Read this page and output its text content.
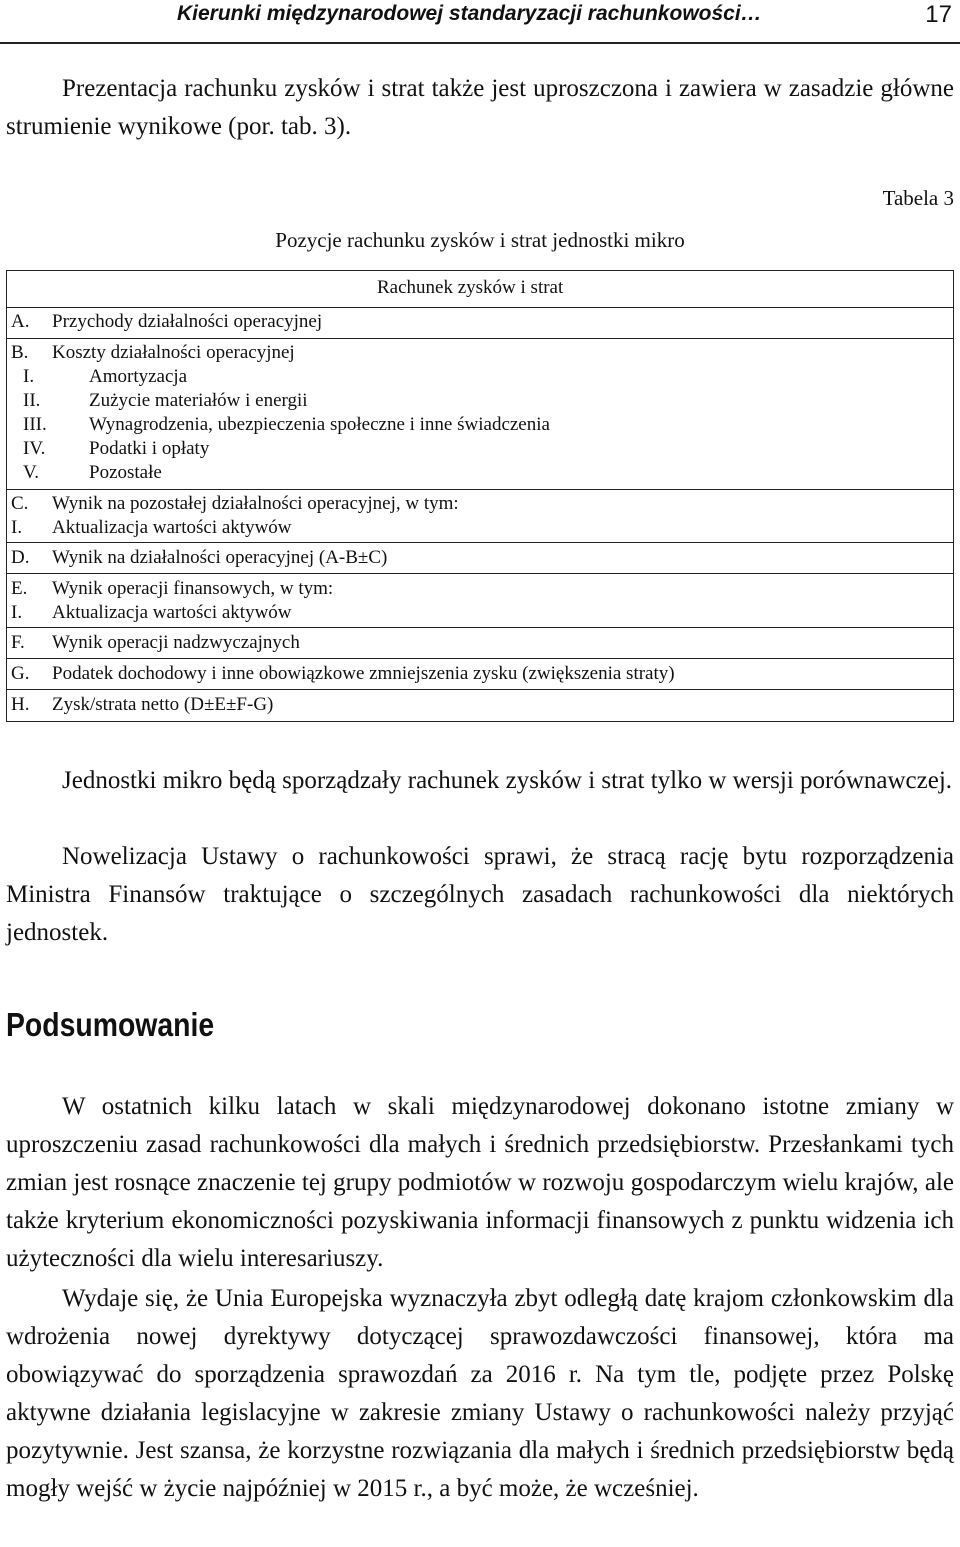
Kierunki międzynarodowej standaryzacji rachunkowości…	17

Prezentacja rachunku zysków i strat także jest uproszczona i zawiera w zasadzie główne strumienie wynikowe (por. tab. 3).

Tabela 3
Pozycje rachunku zysków i strat jednostki mikro
Rachunek zysków i strat
A. Przychody działalności operacyjnej
B. Koszty działalności operacyjnej
I.	Amortyzacja
II.	Zużycie materiałów i energii
III. Wynagrodzenia, ubezpieczenia społeczne i inne świadczenia
IV. Podatki i opłaty
V.	Pozostałe
C. Wynik na pozostałej działalności operacyjnej, w tym:
I. Aktualizacja wartości aktywów
D. Wynik na działalności operacyjnej (A-B±C)
E. Wynik operacji finansowych, w tym:
I. Aktualizacja wartości aktywów
F. Wynik operacji nadzwyczajnych
G. Podatek dochodowy i inne obowiązkowe zmniejszenia zysku (zwiększenia straty)
H. Zysk/strata netto (D±E±F-G)

Jednostki mikro będą sporządzały rachunek zysków i strat tylko w wersji porównawczej.

Nowelizacja Ustawy o rachunkowości sprawi, że stracą rację bytu rozporządzenia Ministra Finansów traktujące o szczególnych zasadach rachunkowości dla niektórych jednostek.

Podsumowanie

W ostatnich kilku latach w skali międzynarodowej dokonano istotne zmiany w uproszczeniu zasad rachunkowości dla małych i średnich przedsiębiorstw. Przesłankami tych zmian jest rosnące znaczenie tej grupy podmiotów w rozwoju gospodarczym wielu krajów, ale także kryterium ekonomiczności pozyskiwania informacji finansowych z punktu widzenia ich użyteczności dla wielu interesariuszy.

Wydaje się, że Unia Europejska wyznaczyła zbyt odległą datę krajom członkowskim dla wdrożenia nowej dyrektywy dotyczącej sprawozdawczości finansowej, która ma obowiązywać do sporządzenia sprawozdań za 2016 r. Na tym tle, podjęte przez Polskę aktywne działania legislacyjne w zakresie zmiany Ustawy o rachunkowości należy przyjąć pozytywnie. Jest szansa, że korzystne rozwiązania dla małych i średnich przedsiębiorstw będą mogły wejść w życie najpóźniej w 2015 r., a być może, że wcześniej.
